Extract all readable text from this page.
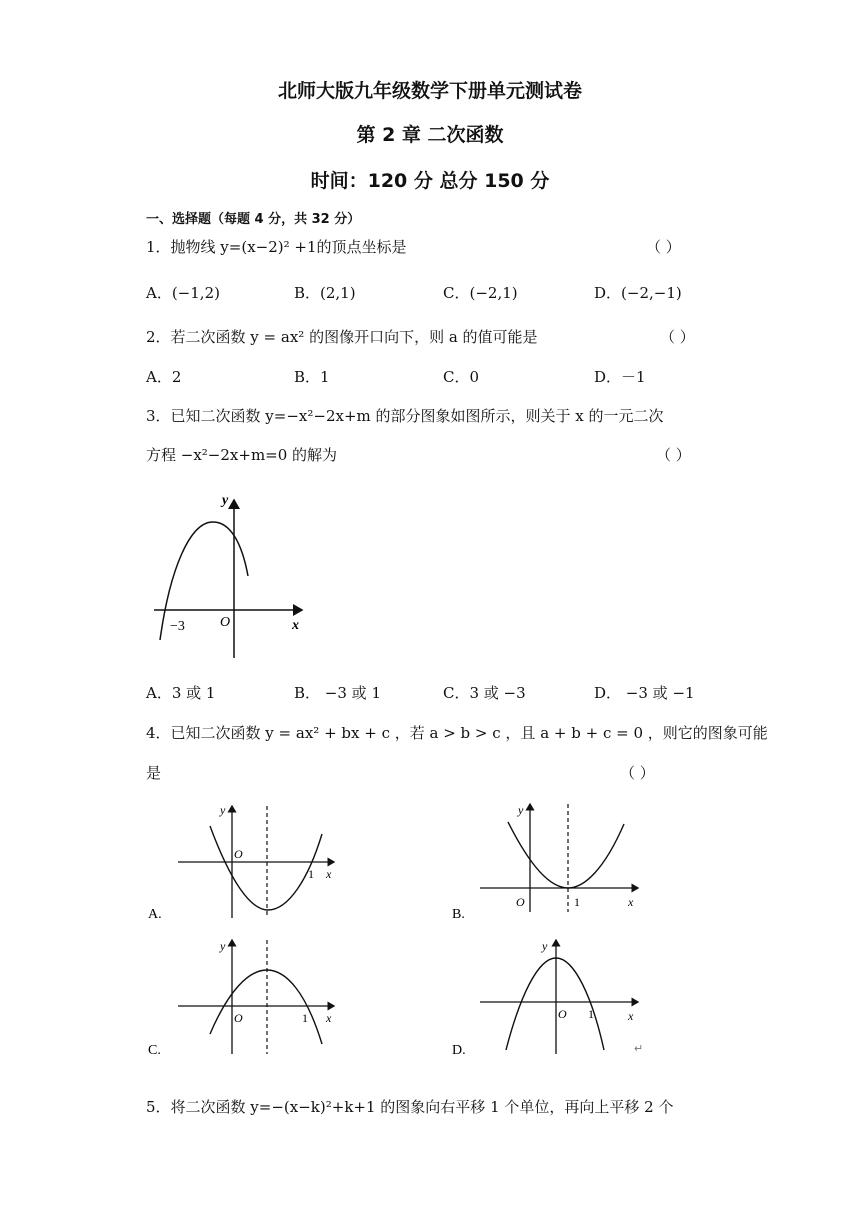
北师大版九年级数学下册单元测试卷
第 2 章 二次函数
时间：120 分 总分 150 分
一、选择题（每题 4 分，共 32 分）
1．抛物线 y=(x−2)² +1的顶点坐标是	（ ）
A．(−1,2)	B．(2,1)	C．(−2,1)	D．(−2,−1)
2．若二次函数 y = ax² 的图像开口向下，则 a 的值可能是	（ ）
A．2	B．1	C．0	D．－1
3．已知二次函数 y=−x²−2x+m 的部分图象如图所示，则关于 x 的一元二次
方程 −x²−2x+m=0 的解为	（ ）
y
x
O
−3
A．3 或 1	B． −3 或 1	C．3 或 −3	D． −3 或 −1
4．已知二次函数 y = ax² + bx + c ，若 a > b > c ，且 a + b + c = 0 ，则它的图象可能
是	（ ）
y
x
O
1
A.
y
x
O	1
B.
y
x
O	1
C.
y
x
O 1
D.	↵
5．将二次函数 y=−(x−k)²+k+1 的图象向右平移 1 个单位，再向上平移 2 个
